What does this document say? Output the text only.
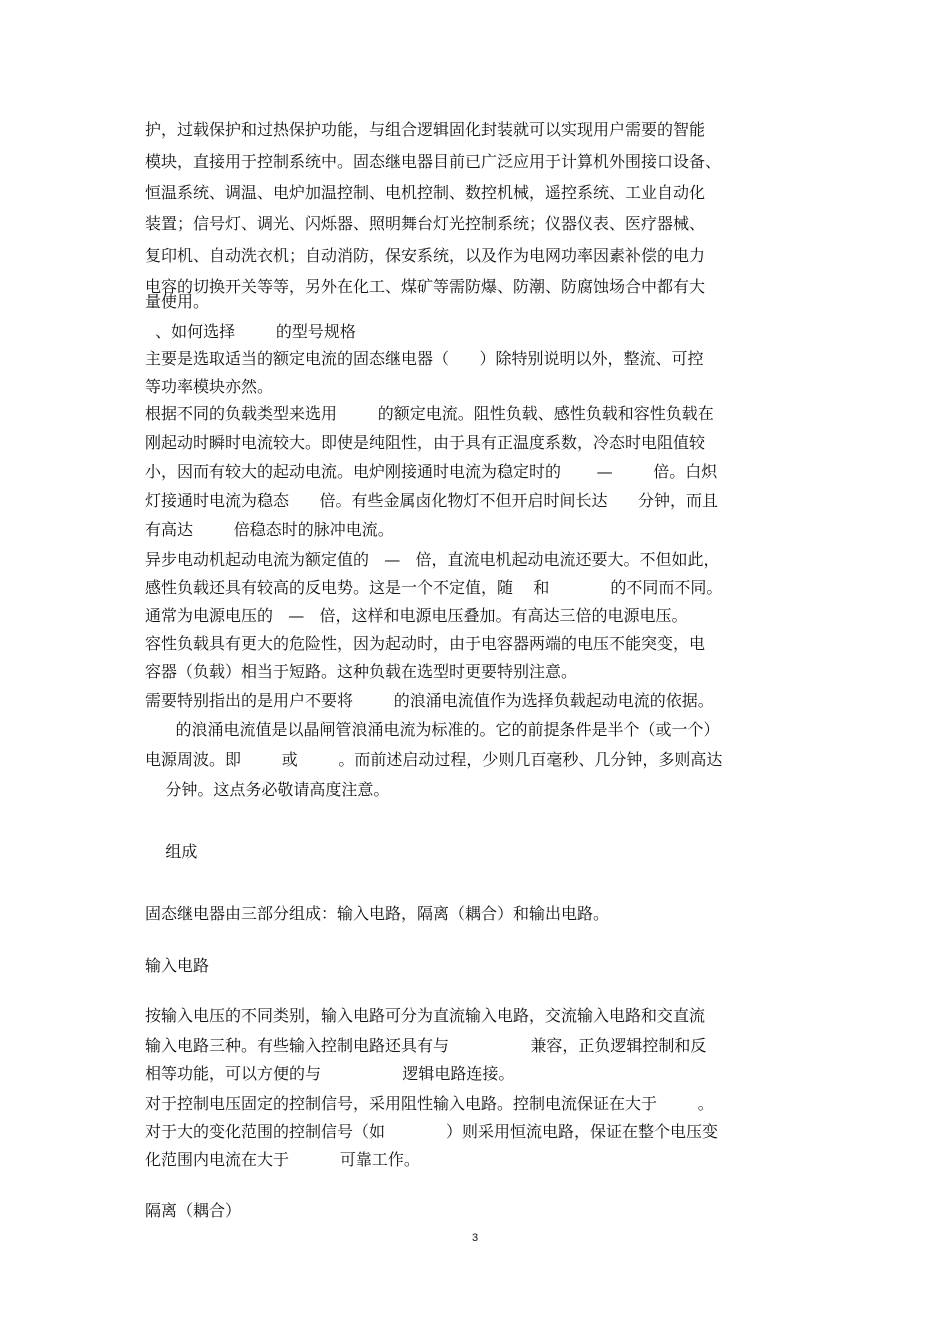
护，过载保护和过热保护功能，与组合逻辑固化封装就可以实现用户需要的智能
模块，直接用于控制系统中。固态继电器目前已广泛应用于计算机外围接口设备、
恒温系统、调温、电炉加温控制、电机控制、数控机械，遥控系统、工业自动化
装置；信号灯、调光、闪烁器、照明舞台灯光控制系统；仪器仪表、医疗器械、
复印机、自动洗衣机；自动消防，保安系统，以及作为电网功率因素补偿的电力
电容的切换开关等等，另外在化工、煤矿等需防爆、防潮、防腐蚀场合中都有大
量使用。
、如何选择        的型号规格
主要是选取适当的额定电流的固态继电器（      ）除特别说明以外，整流、可控
等功率模块亦然。
根据不同的负载类型来选用        的额定电流。阻性负载、感性负载和容性负载在
刚起动时瞬时电流较大。即使是纯阻性，由于具有正温度系数，冷态时电阻值较
小，因而有较大的起动电流。电炉刚接通时电流为稳定时的       —        倍。白炽
灯接通时电流为稳态      倍。有些金属卤化物灯不但开启时间长达      分钟，而且
有高达        倍稳态时的脉冲电流。
异步电动机起动电流为额定值的   —   倍，直流电机起动电流还要大。不但如此，
感性负载还具有较高的反电势。这是一个不定值，随    和            的不同而不同。
通常为电源电压的   —   倍，这样和电源电压叠加。有高达三倍的电源电压。
容性负载具有更大的危险性，因为起动时，由于电容器两端的电压不能突变，电
容器（负载）相当于短路。这种负载在选型时更要特别注意。
需要特别指出的是用户不要将        的浪涌电流值作为选择负载起动电流的依据。
的浪涌电流值是以晶闸管浪涌电流为标准的。它的前提条件是半个（或一个）
电源周波。即        或        。而前述启动过程，少则几百毫秒、几分钟，多则高达
分钟。这点务必敬请高度注意。
组成
固态继电器由三部分组成：输入电路，隔离（耦合）和输出电路。
输入电路
按输入电压的不同类别，输入电路可分为直流输入电路，交流输入电路和交直流
输入电路三种。有些输入控制电路还具有与                兼容，正负逻辑控制和反
相等功能，可以方便的与                逻辑电路连接。
对于控制电压固定的控制信号，采用阻性输入电路。控制电流保证在大于        。
对于大的变化范围的控制信号（如            ）则采用恒流电路，保证在整个电压变
化范围内电流在大于          可靠工作。
隔离（耦合）
3
